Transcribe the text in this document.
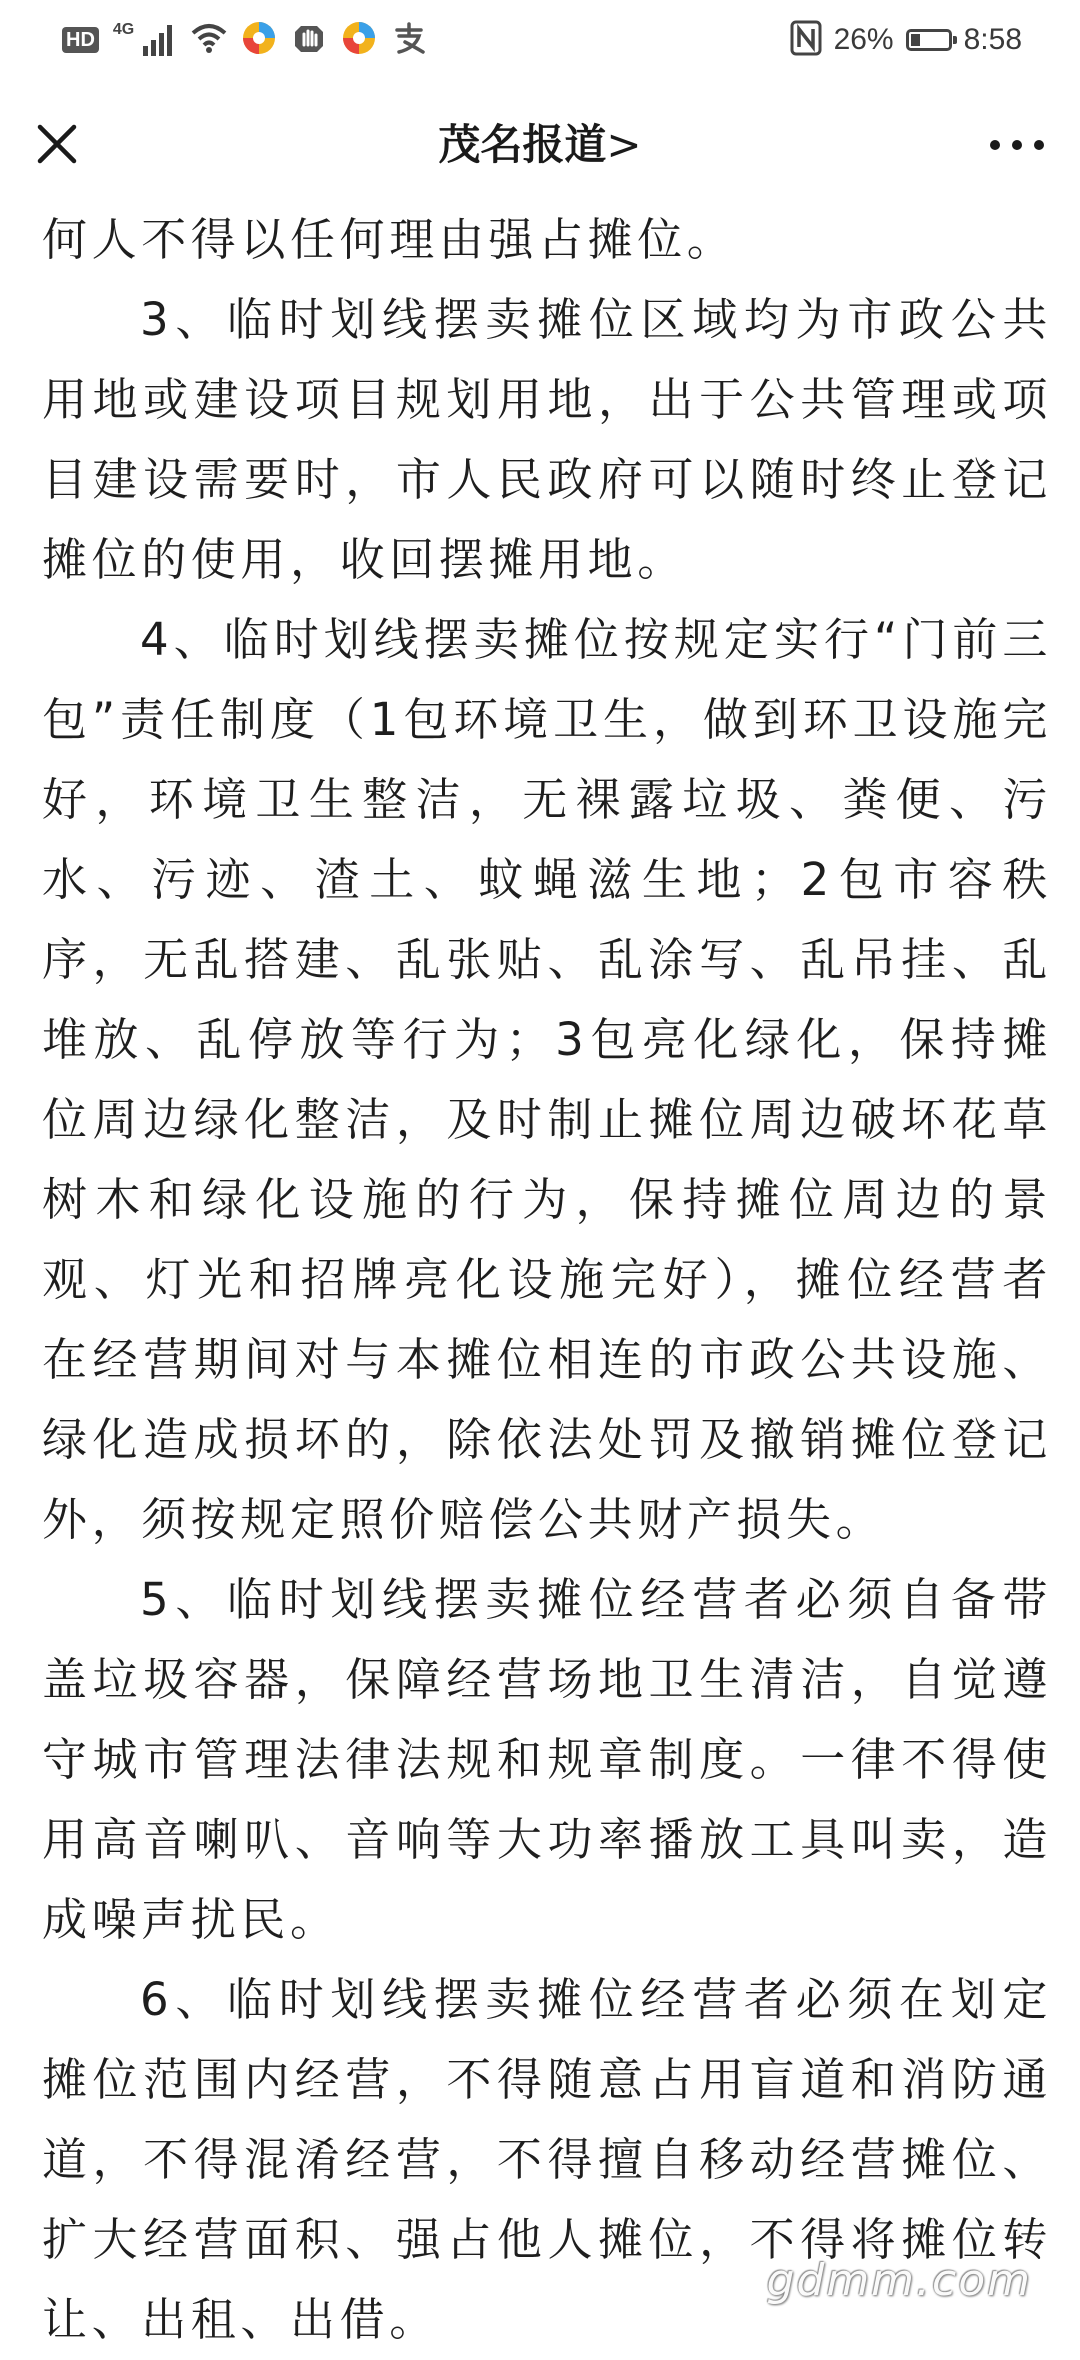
HD 4G	26% 8:58
茂名报道>

何人不得以任何理由强占摊位。

3、临时划线摆卖摊位区域均为市政公共用地或建设项目规划用地，出于公共管理或项目建设需要时，市人民政府可以随时终止登记摊位的使用，收回摆摊用地。

4、临时划线摆卖摊位按规定实行“门前三包”责任制度（1包环境卫生，做到环卫设施完好，环境卫生整洁，无裸露垃圾、粪便、污水、污迹、渣土、蚊蝇滋生地；2包市容秩序，无乱搭建、乱张贴、乱涂写、乱吊挂、乱堆放、乱停放等行为；3包亮化绿化，保持摊位周边绿化整洁，及时制止摊位周边破坏花草树木和绿化设施的行为，保持摊位周边的景观、灯光和招牌亮化设施完好），摊位经营者在经营期间对与本摊位相连的市政公共设施、绿化造成损坏的，除依法处罚及撤销摊位登记外，须按规定照价赔偿公共财产损失。

5、临时划线摆卖摊位经营者必须自备带盖垃圾容器，保障经营场地卫生清洁，自觉遵守城市管理法律法规和规章制度。一律不得使用高音喇叭、音响等大功率播放工具叫卖，造成噪声扰民。

6、临时划线摆卖摊位经营者必须在划定摊位范围内经营，不得随意占用盲道和消防通道，不得混淆经营，不得擅自移动经营摊位、扩大经营面积、强占他人摊位，不得将摊位转让、出租、出借。	gdmm.com
